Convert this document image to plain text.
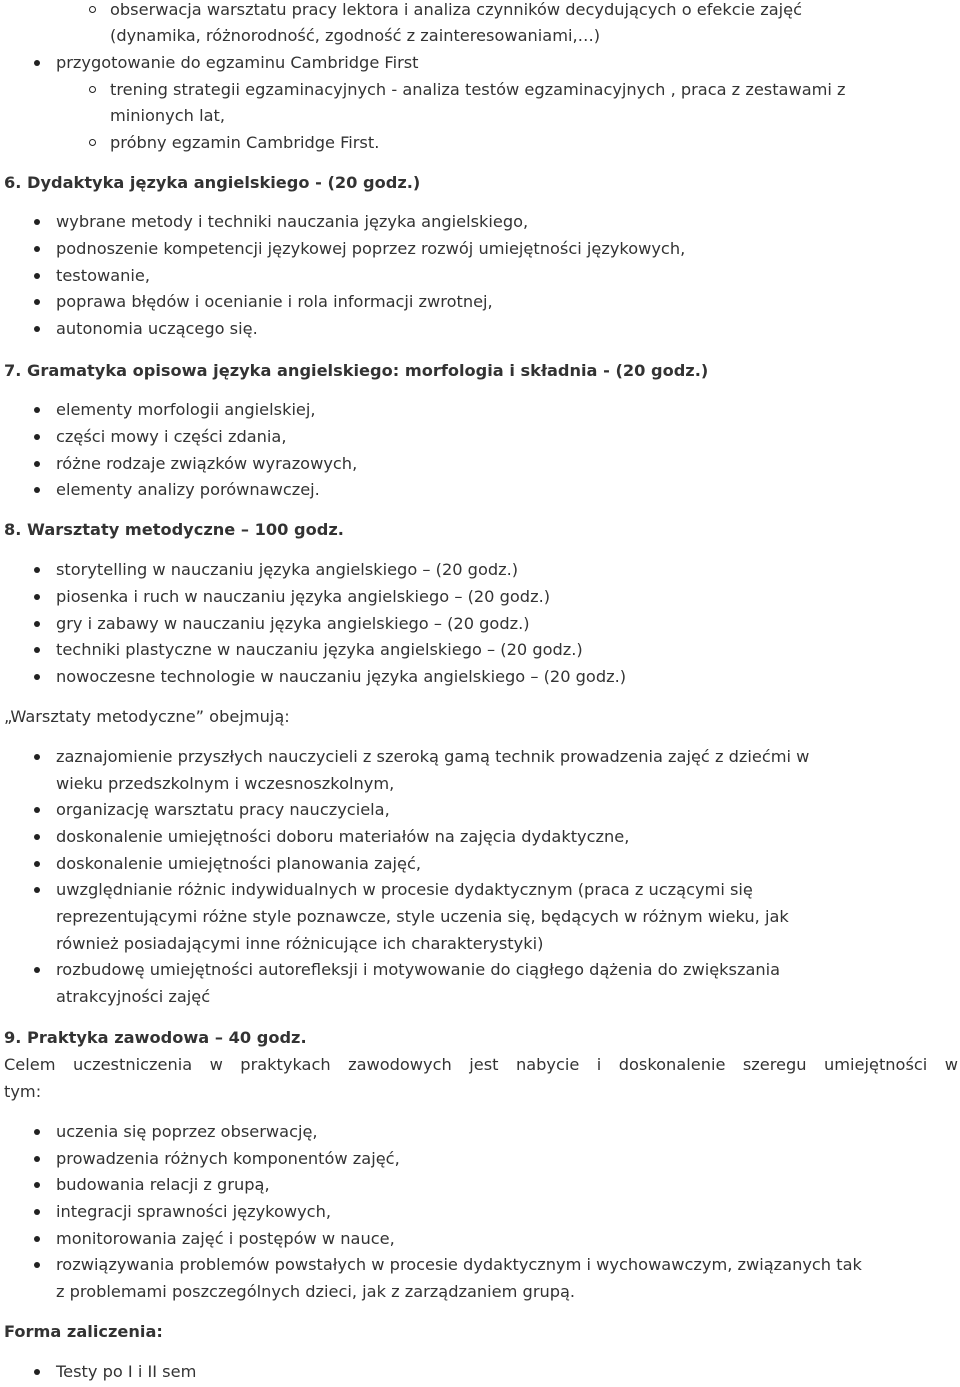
obserwacja warsztatu pracy lektora i analiza czynników decydujących o efekcie zajęć
(dynamika, różnorodność, zgodność z zainteresowaniami,…)
przygotowanie do egzaminu Cambridge First
trening strategii egzaminacyjnych - analiza testów egzaminacyjnych , praca z zestawami z
minionych lat,
próbny egzamin Cambridge First.
6. Dydaktyka języka angielskiego - (20 godz.)
wybrane metody i techniki nauczania języka angielskiego,
podnoszenie kompetencji językowej poprzez rozwój umiejętności językowych,
testowanie,
poprawa błędów i ocenianie i rola informacji zwrotnej,
autonomia uczącego się.
7. Gramatyka opisowa języka angielskiego: morfologia i składnia - (20 godz.)
elementy morfologii angielskiej,
części mowy i części zdania,
różne rodzaje związków wyrazowych,
elementy analizy porównawczej.
8. Warsztaty metodyczne – 100 godz.
storytelling w nauczaniu języka angielskiego – (20 godz.)
piosenka i ruch w nauczaniu języka angielskiego – (20 godz.)
gry i zabawy w nauczaniu języka angielskiego – (20 godz.)
techniki plastyczne w nauczaniu języka angielskiego – (20 godz.)
nowoczesne technologie w nauczaniu języka angielskiego – (20 godz.)
„Warsztaty metodyczne” obejmują:
zaznajomienie przyszłych nauczycieli z szeroką gamą technik prowadzenia zajęć z dziećmi w
wieku przedszkolnym i wczesnoszkolnym,
organizację warsztatu pracy nauczyciela,
doskonalenie umiejętności doboru materiałów na zajęcia dydaktyczne,
doskonalenie umiejętności planowania zajęć,
uwzględnianie różnic indywidualnych w procesie dydaktycznym (praca z uczącymi się
reprezentującymi różne style poznawcze, style uczenia się, będących w różnym wieku, jak
również posiadającymi inne różnicujące ich charakterystyki)
rozbudowę umiejętności autorefleksji i motywowanie do ciągłego dążenia do zwiększania
atrakcyjności zajęć
9. Praktyka zawodowa – 40 godz.
Celem uczestniczenia w praktykach zawodowych jest nabycie i doskonalenie szeregu umiejętności w
tym:
uczenia się poprzez obserwację,
prowadzenia różnych komponentów zajęć,
budowania relacji z grupą,
integracji sprawności językowych,
monitorowania zajęć i postępów w nauce,
rozwiązywania problemów powstałych w procesie dydaktycznym i wychowawczym, związanych tak
z problemami poszczególnych dzieci, jak z zarządzaniem grupą.
Forma zaliczenia:
Testy po I i II sem
